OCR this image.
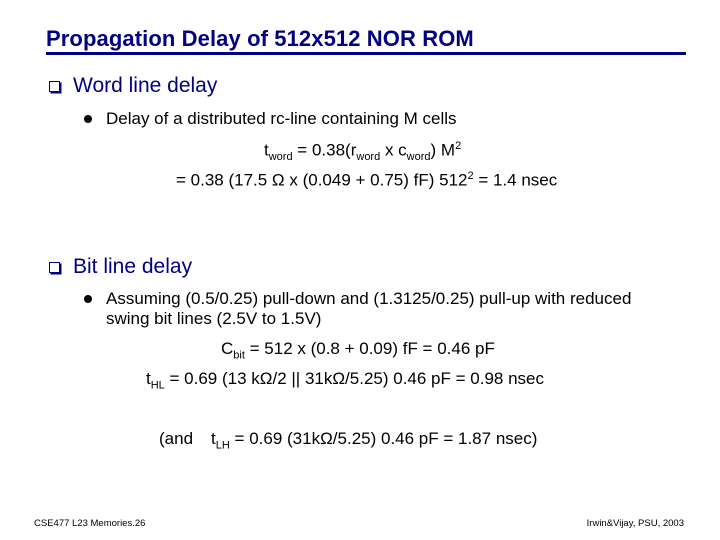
Propagation Delay of 512x512 NOR ROM
Word line delay
Delay of a distributed rc-line containing M cells
$t_{word} = 0.38(r_{word}$ x $c_{word}$) $M^2$
= 0.38 (17.5 Ω x (0.049 + 0.75) fF) $512^2 = 1.4$ nsec
Bit line delay
Assuming (0.5/0.25) pull-down and (1.3125/0.25) pull-up with reduced swing bit lines (2.5V to 1.5V)
$C_{bit} = 512$ x (0.8 + 0.09) fF = 0.46 pF
$t_{HL} = 0.69$ (13 kΩ/2 || 31kΩ/5.25) 0.46 pF = 0.98 nsec
(and $t_{LH} = 0.69$ (31kΩ/5.25) 0.46 pF = 1.87 nsec)
CSE477 L23 Memories.26	Irwin&Vijay, PSU, 2003
